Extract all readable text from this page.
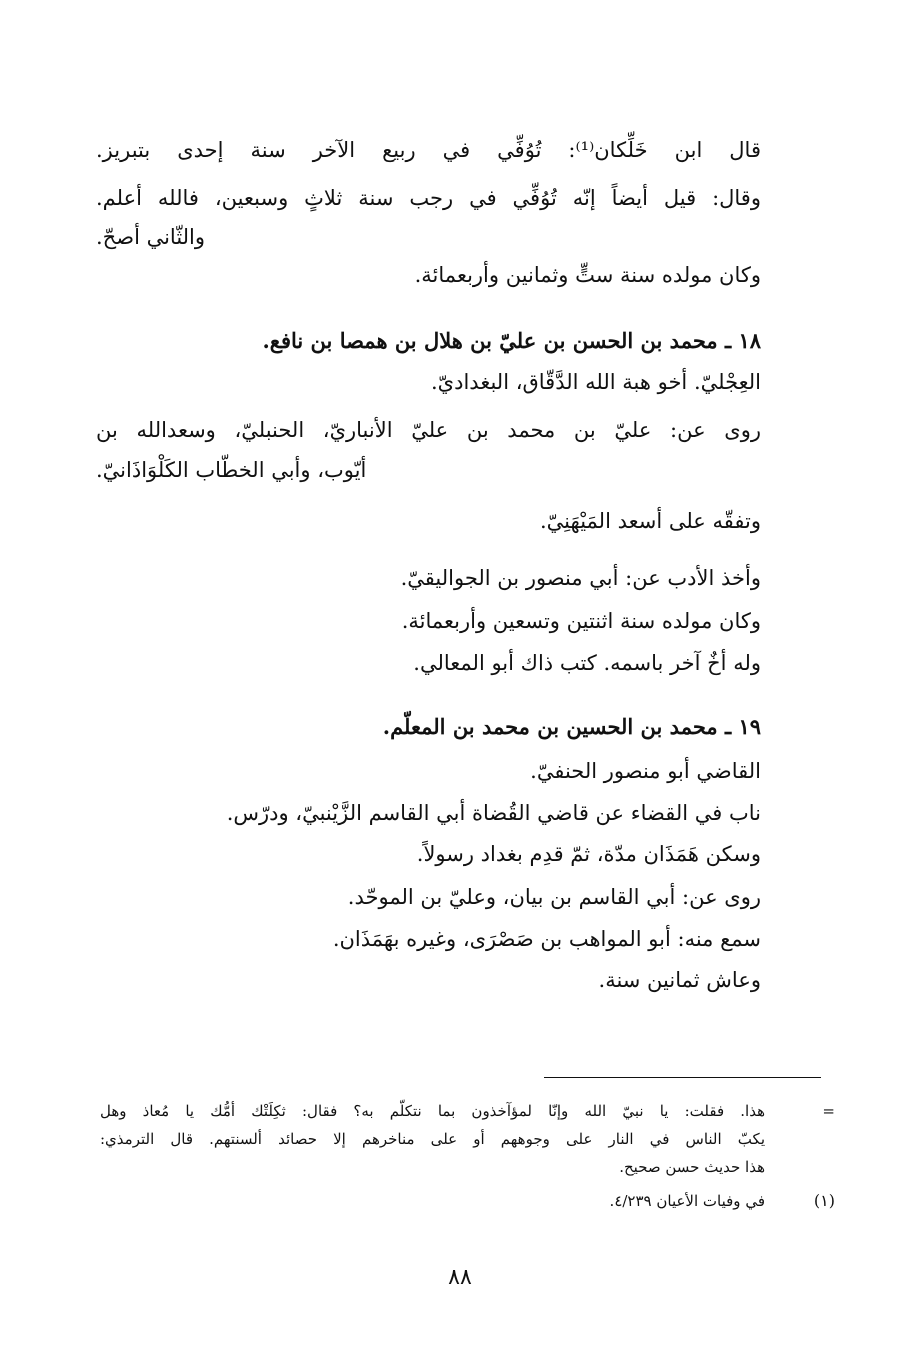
قال ابن خَلِّكان⁽¹⁾: تُوُفِّي في ربيع الآخر سنة إحدى بتبريز.
وقال: قيل أيضاً إنّه تُوُفِّي في رجب سنة ثلاثٍ وسبعين، فالله أعلم.
والثّاني أصحّ.
وكان مولده سنة ستٍّ وثمانين وأربعمائة.
١٨ ـ محمد بن الحسن بن عليّ بن هلال بن همصا بن نافع.
العِجْليّ. أخو هبة الله الدَّقّاق، البغداديّ.
روى عن: عليّ بن محمد بن عليّ الأنباريّ، الحنبليّ، وسعدالله بن
أيّوب، وأبي الخطّاب الكَلْوَاذَانيّ.
وتفقّه على أسعد المَيْهَنِيّ.
وأخذ الأدب عن: أبي منصور بن الجواليقيّ.
وكان مولده سنة اثنتين وتسعين وأربعمائة.
وله أخٌ آخر باسمه. كتب ذاك أبو المعالي.
١٩ ـ محمد بن الحسين بن محمد بن المعلّم.
القاضي أبو منصور الحنفيّ.
ناب في القضاء عن قاضي القُضاة أبي القاسم الزَّيْنبيّ، ودرّس.
وسكن هَمَذَان مدّة، ثمّ قدِم بغداد رسولاً.
روى عن: أبي القاسم بن بيان، وعليّ بن الموحّد.
سمع منه: أبو المواهب بن صَصْرَى، وغيره بهَمَذَان.
وعاش ثمانين سنة.
=
هذا. فقلت: يا نبيّ الله وإنّا لمؤآخذون بما نتكلّم به؟ فقال: ثكِلَتْك أمُّك يا مُعاذ وهل
يكبّ الناس في النار على وجوههم أو على مناخرهم إلا حصائد ألسنتهم. قال الترمذي:
هذا حديث حسن صحيح.
(١)
في وفيات الأعيان ٤/٢٣٩.
٨٨
